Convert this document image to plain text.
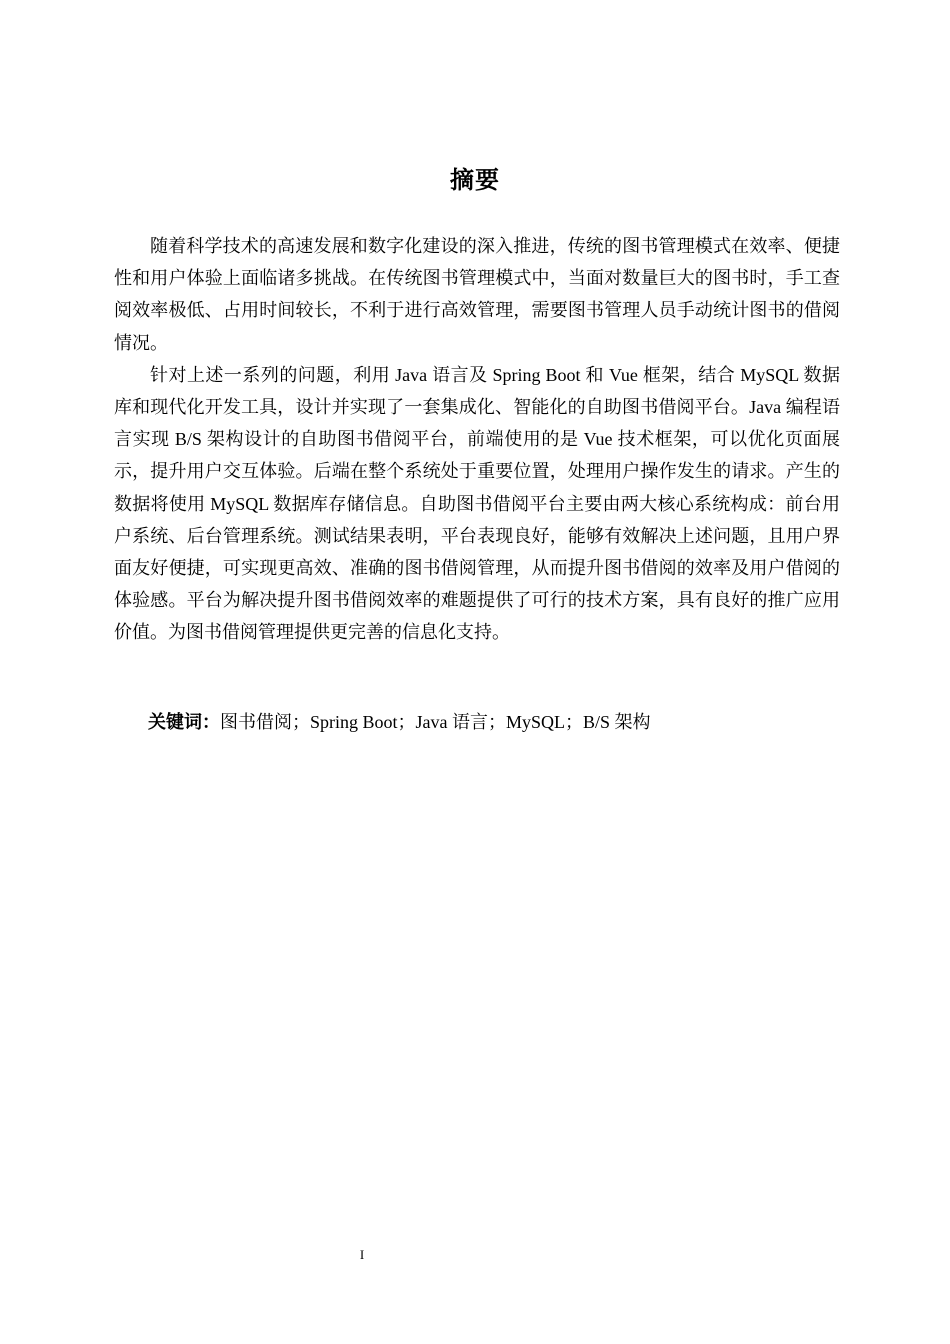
摘要

随着科学技术的高速发展和数字化建设的深入推进，传统的图书管理模式在效率、便捷性和用户体验上面临诸多挑战。在传统图书管理模式中，当面对数量巨大的图书时，手工查阅效率极低、占用时间较长，不利于进行高效管理，需要图书管理人员手动统计图书的借阅情况。

针对上述一系列的问题，利用 Java 语言及 Spring Boot 和 Vue 框架，结合 MySQL 数据库和现代化开发工具，设计并实现了一套集成化、智能化的自助图书借阅平台。Java 编程语言实现 B/S 架构设计的自助图书借阅平台，前端使用的是 Vue 技术框架，可以优化页面展示，提升用户交互体验。后端在整个系统处于重要位置，处理用户操作发生的请求。产生的数据将使用 MySQL 数据库存储信息。自助图书借阅平台主要由两大核心系统构成：前台用户系统、后台管理系统。测试结果表明，平台表现良好，能够有效解决上述问题，且用户界面友好便捷，可实现更高效、准确的图书借阅管理，从而提升图书借阅的效率及用户借阅的体验感。平台为解决提升图书借阅效率的难题提供了可行的技术方案，具有良好的推广应用价值。为图书借阅管理提供更完善的信息化支持。

关键词：图书借阅；Spring Boot；Java 语言；MySQL；B/S 架构
I
